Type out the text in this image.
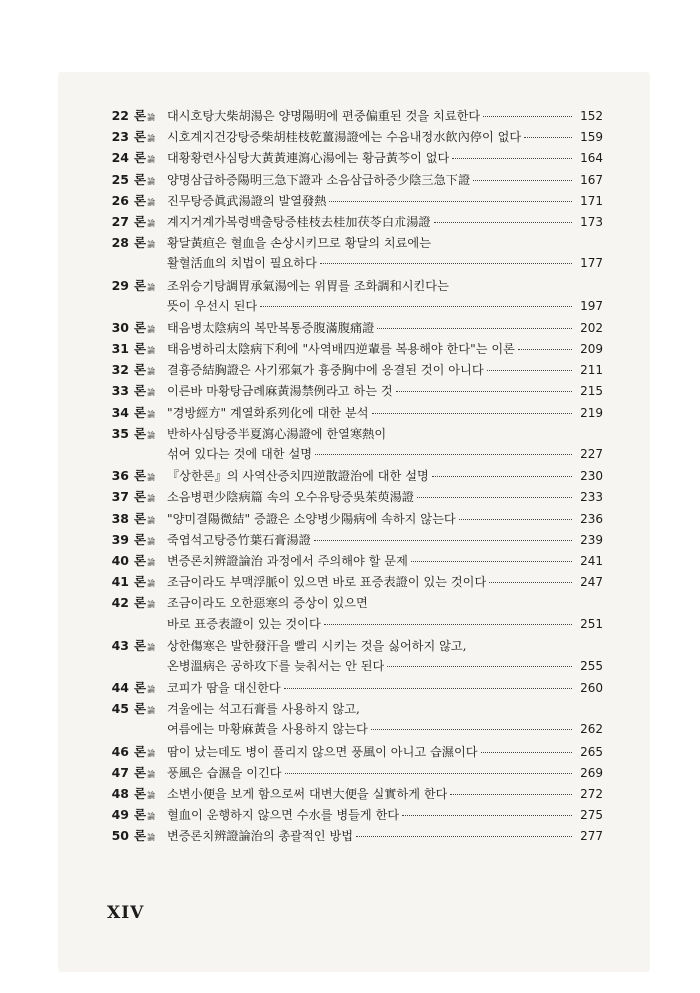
22 론 論 대시호탕大柴胡湯은 양명陽明에 편중偏重된 것을 치료한다	152
23 론 論 시호계지건강탕증柴胡桂枝乾薑湯證에는 수음내정水飮內停이 없다	159
24 론 論 대황황련사심탕大黃黃連瀉心湯에는 황금黃芩이 없다	164
25 론 論 양명삼급하증陽明三急下證과 소음삼급하증少陰三急下證	167
26 론 論 진무탕증眞武湯證의 발열發熱	171
27 론 論 계지거계가복령백출탕증桂枝去桂加茯苓白朮湯證	173
28 론 論 황달黃疸은 혈血을 손상시키므로 황달의 치료에는
활혈活血의 치법이 필요하다	177
29 론 論 조위승기탕調胃承氣湯에는 위胃를 조화調和시킨다는
뜻이 우선시 된다	197
30 론 論 태음병太陰病의 복만복통증腹滿腹痛證	202
31 론 論 태음병하리太陰病下利에 "사역배四逆輩를 복용해야 한다"는 이론	209
32 론 論 결흉증結胸證은 사기邪氣가 흉중胸中에 응결된 것이 아니다	211
33 론 論 이른바 마황탕금례麻黃湯禁例라고 하는 것	215
34 론 論 "경방經方" 계열화系列化에 대한 분석	219
35 론 論 반하사심탕증半夏瀉心湯證에 한열寒熱이
섞여 있다는 것에 대한 설명	227
36 론 論 『상한론』의 사역산증치四逆散證治에 대한 설명	230
37 론 論 소음병편少陰病篇 속의 오수유탕증吳茱萸湯證	233
38 론 論 "양미결陽微結" 증證은 소양병少陽病에 속하지 않는다	236
39 론 論 죽엽석고탕증竹葉石膏湯證	239
40 론 論 변증론치辨證論治 과정에서 주의해야 할 문제	241
41 론 論 조금이라도 부맥浮脈이 있으면 바로 표증表證이 있는 것이다	247
42 론 論 조금이라도 오한惡寒의 증상이 있으면
바로 표증表證이 있는 것이다	251
43 론 論 상한傷寒은 발한發汗을 빨리 시키는 것을 싫어하지 않고,
온병溫病은 공하攻下를 늦춰서는 안 된다	255
44 론 論 코피가 땀을 대신한다	260
45 론 論 겨울에는 석고石膏를 사용하지 않고,
여름에는 마황麻黃을 사용하지 않는다	262
46 론 論 땀이 났는데도 병이 풀리지 않으면 풍風이 아니고 습濕이다	265
47 론 論 풍風은 습濕을 이긴다	269
48 론 論 소변小便을 보게 함으로써 대변大便을 실實하게 한다	272
49 론 論 혈血이 운행하지 않으면 수水를 병들게 한다	275
50 론 論 변증론치辨證論治의 총괄적인 방법	277
XIV
